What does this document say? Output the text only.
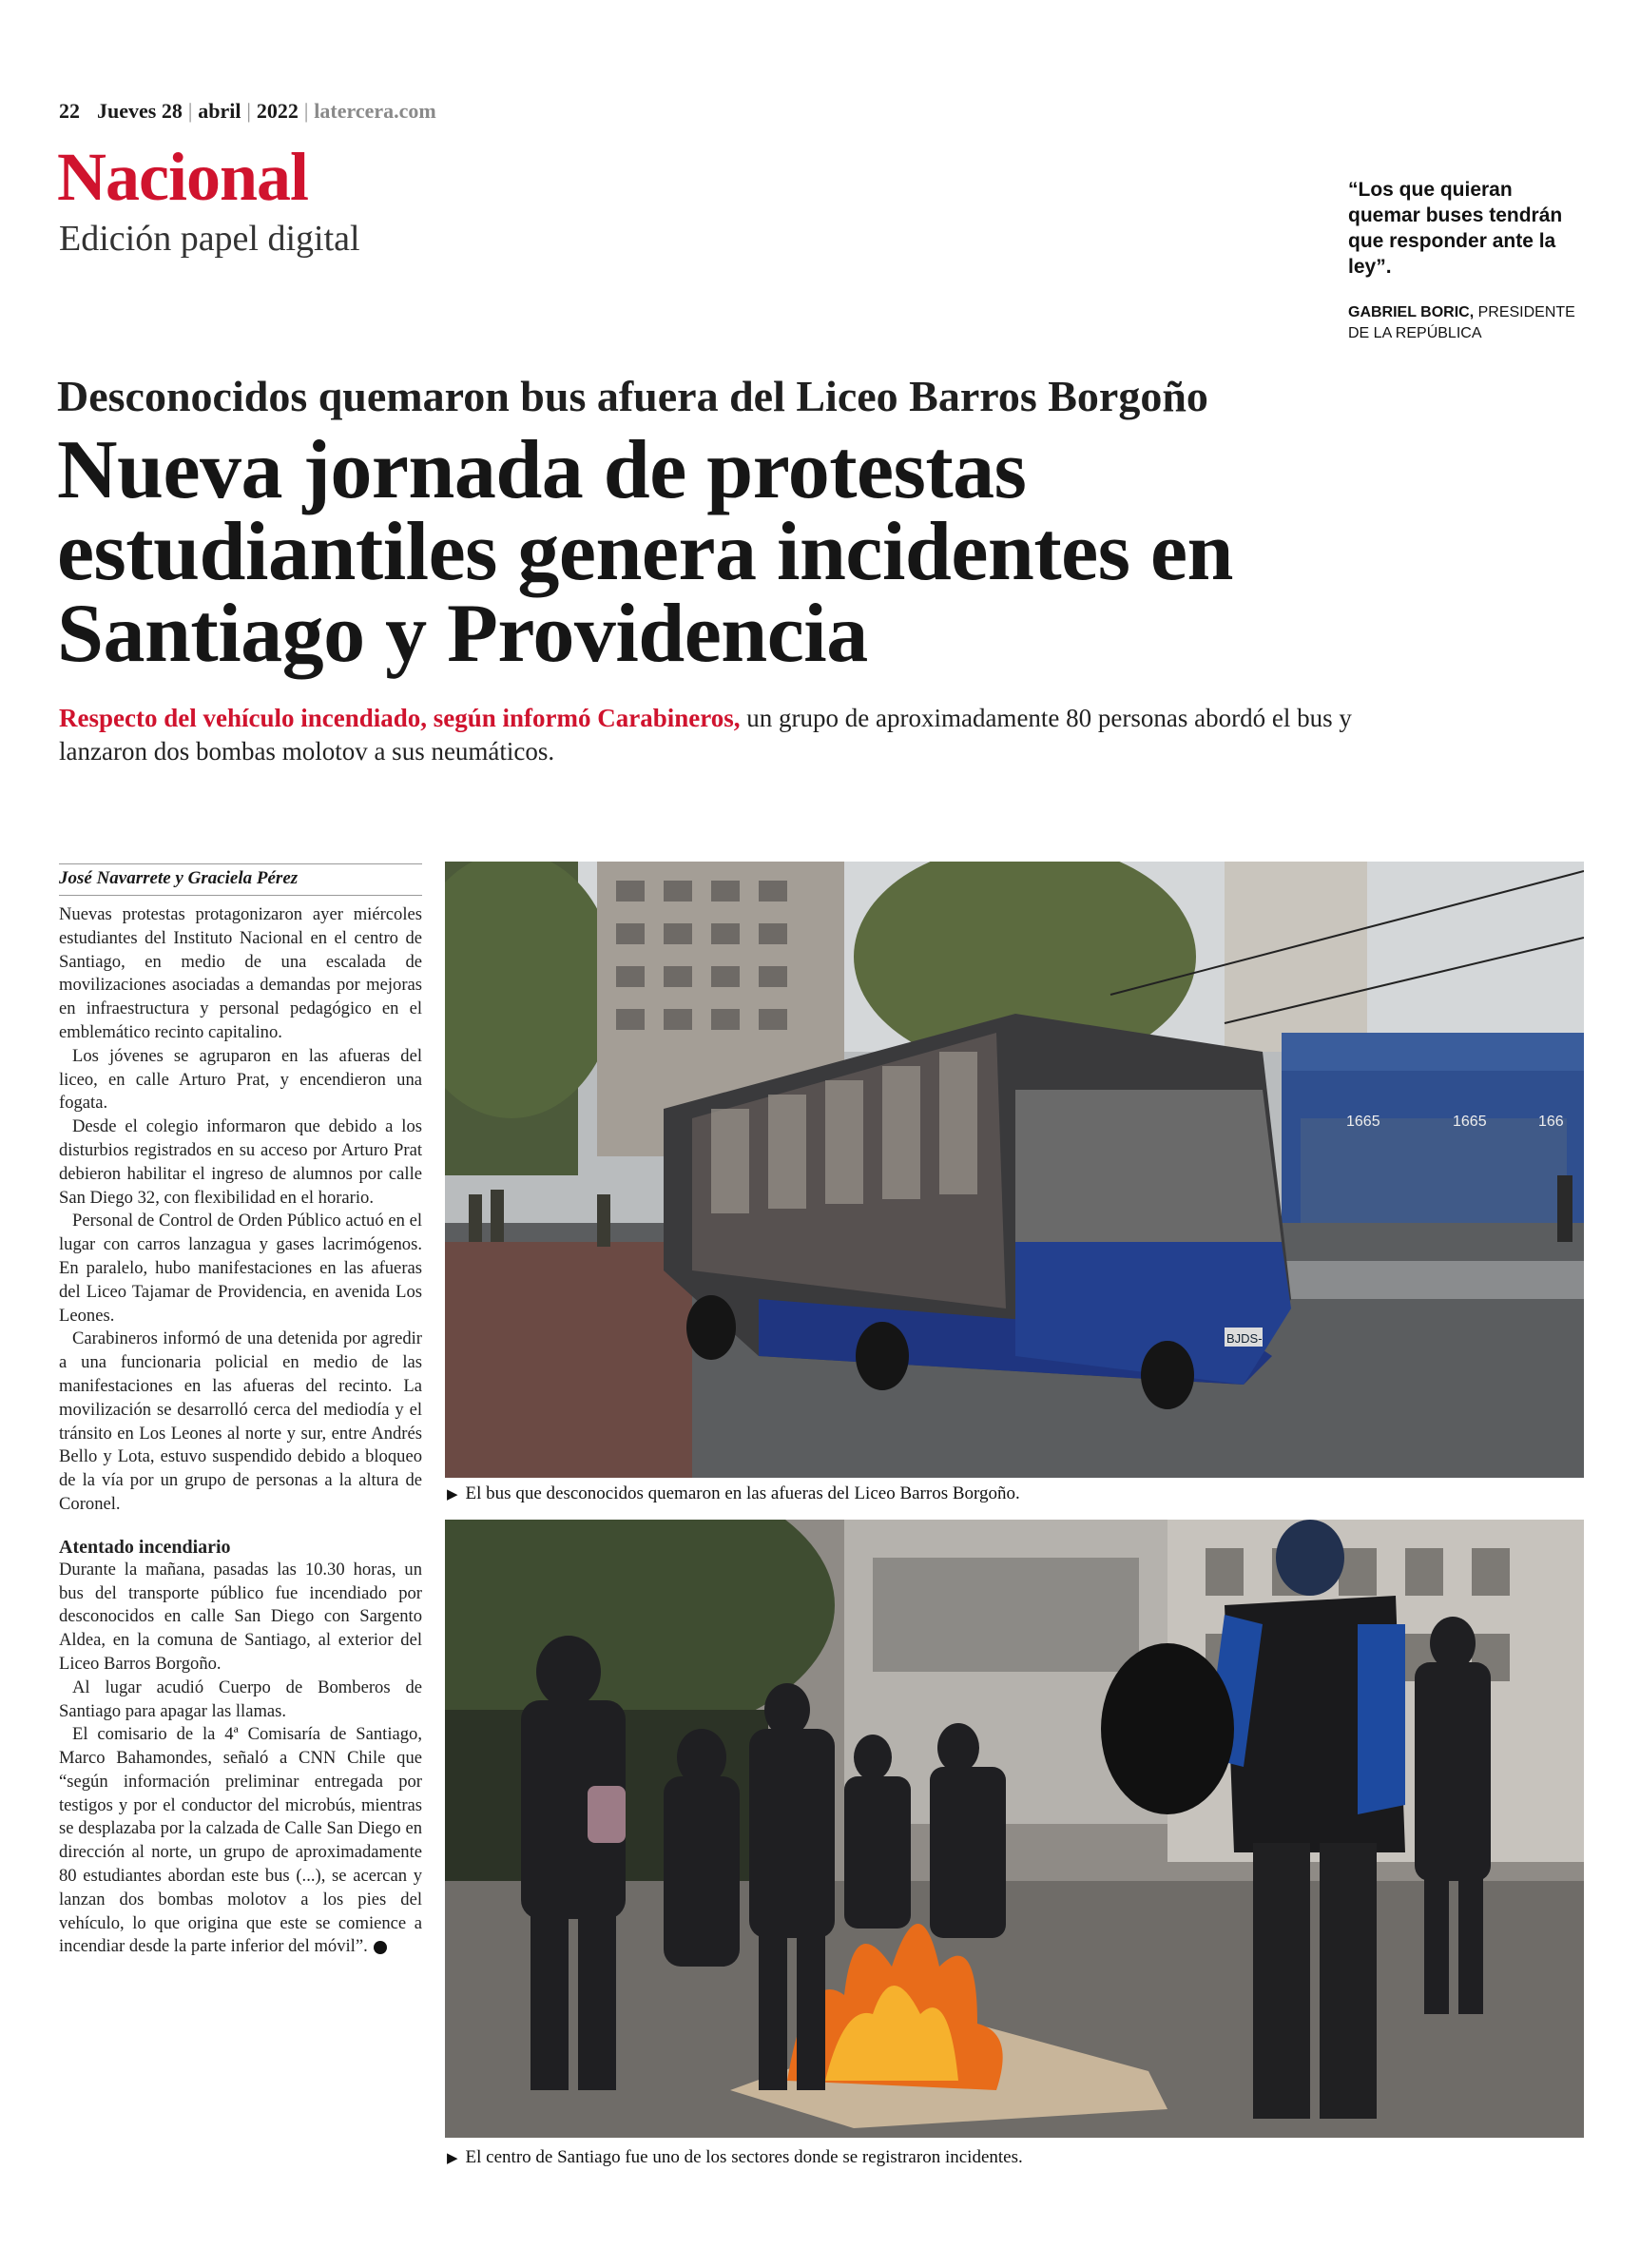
22 Jueves 28 | abril | 2022 | latercera.com
Nacional
Edición papel digital
“Los que quieran quemar buses tendrán que responder ante la ley”.
GABRIEL BORIC, PRESIDENTE DE LA REPÚBLICA
Desconocidos quemaron bus afuera del Liceo Barros Borgoño
Nueva jornada de protestas estudiantiles genera incidentes en Santiago y Providencia
Respecto del vehículo incendiado, según informó Carabineros, un grupo de aproximadamente 80 personas abordó el bus y lanzaron dos bombas molotov a sus neumáticos.
José Navarrete y Graciela Pérez

Nuevas protestas protagonizaron ayer miércoles estudiantes del Instituto Nacional en el centro de Santiago, en medio de una escalada de movilizaciones asociadas a demandas por mejoras en infraestructura y personal pedagógico en el emblemático recinto capitalino.

Los jóvenes se agruparon en las afueras del liceo, en calle Arturo Prat, y encendieron una fogata.

Desde el colegio informaron que debido a los disturbios registrados en su acceso por Arturo Prat debieron habilitar el ingreso de alumnos por calle San Diego 32, con flexibilidad en el horario.

Personal de Control de Orden Público actuó en el lugar con carros lanzagua y gases lacrimógenos. En paralelo, hubo manifestaciones en las afueras del Liceo Tajamar de Providencia, en avenida Los Leones.

Carabineros informó de una detenida por agredir a una funcionaria policial en medio de las manifestaciones en las afueras del recinto. La movilización se desarrolló cerca del mediodía y el tránsito en Los Leones al norte y sur, entre Andrés Bello y Lota, estuvo suspendido debido a bloqueo de la vía por un grupo de personas a la altura de Coronel.

Atentado incendiario

Durante la mañana, pasadas las 10.30 horas, un bus del transporte público fue incendiado por desconocidos en calle San Diego con Sargento Aldea, en la comuna de Santiago, al exterior del Liceo Barros Borgoño.

Al lugar acudió Cuerpo de Bomberos de Santiago para apagar las llamas.

El comisario de la 4ª Comisaría de Santiago, Marco Bahamondes, señaló a CNN Chile que “según información preliminar entregada por testigos y por el conductor del microbús, mientras se desplazaba por la calzada de Calle San Diego en dirección al norte, un grupo de aproximadamente 80 estudiantes abordan este bus (...), se acercan y lanzan dos bombas molotov a los pies del vehículo, lo que origina que este se comience a incendiar desde la parte inferior del móvil”.

1665	1665	166
BJDS-
▶ El bus que desconocidos quemaron en las afueras del Liceo Barros Borgoño.
▶ El centro de Santiago fue uno de los sectores donde se registraron incidentes.
